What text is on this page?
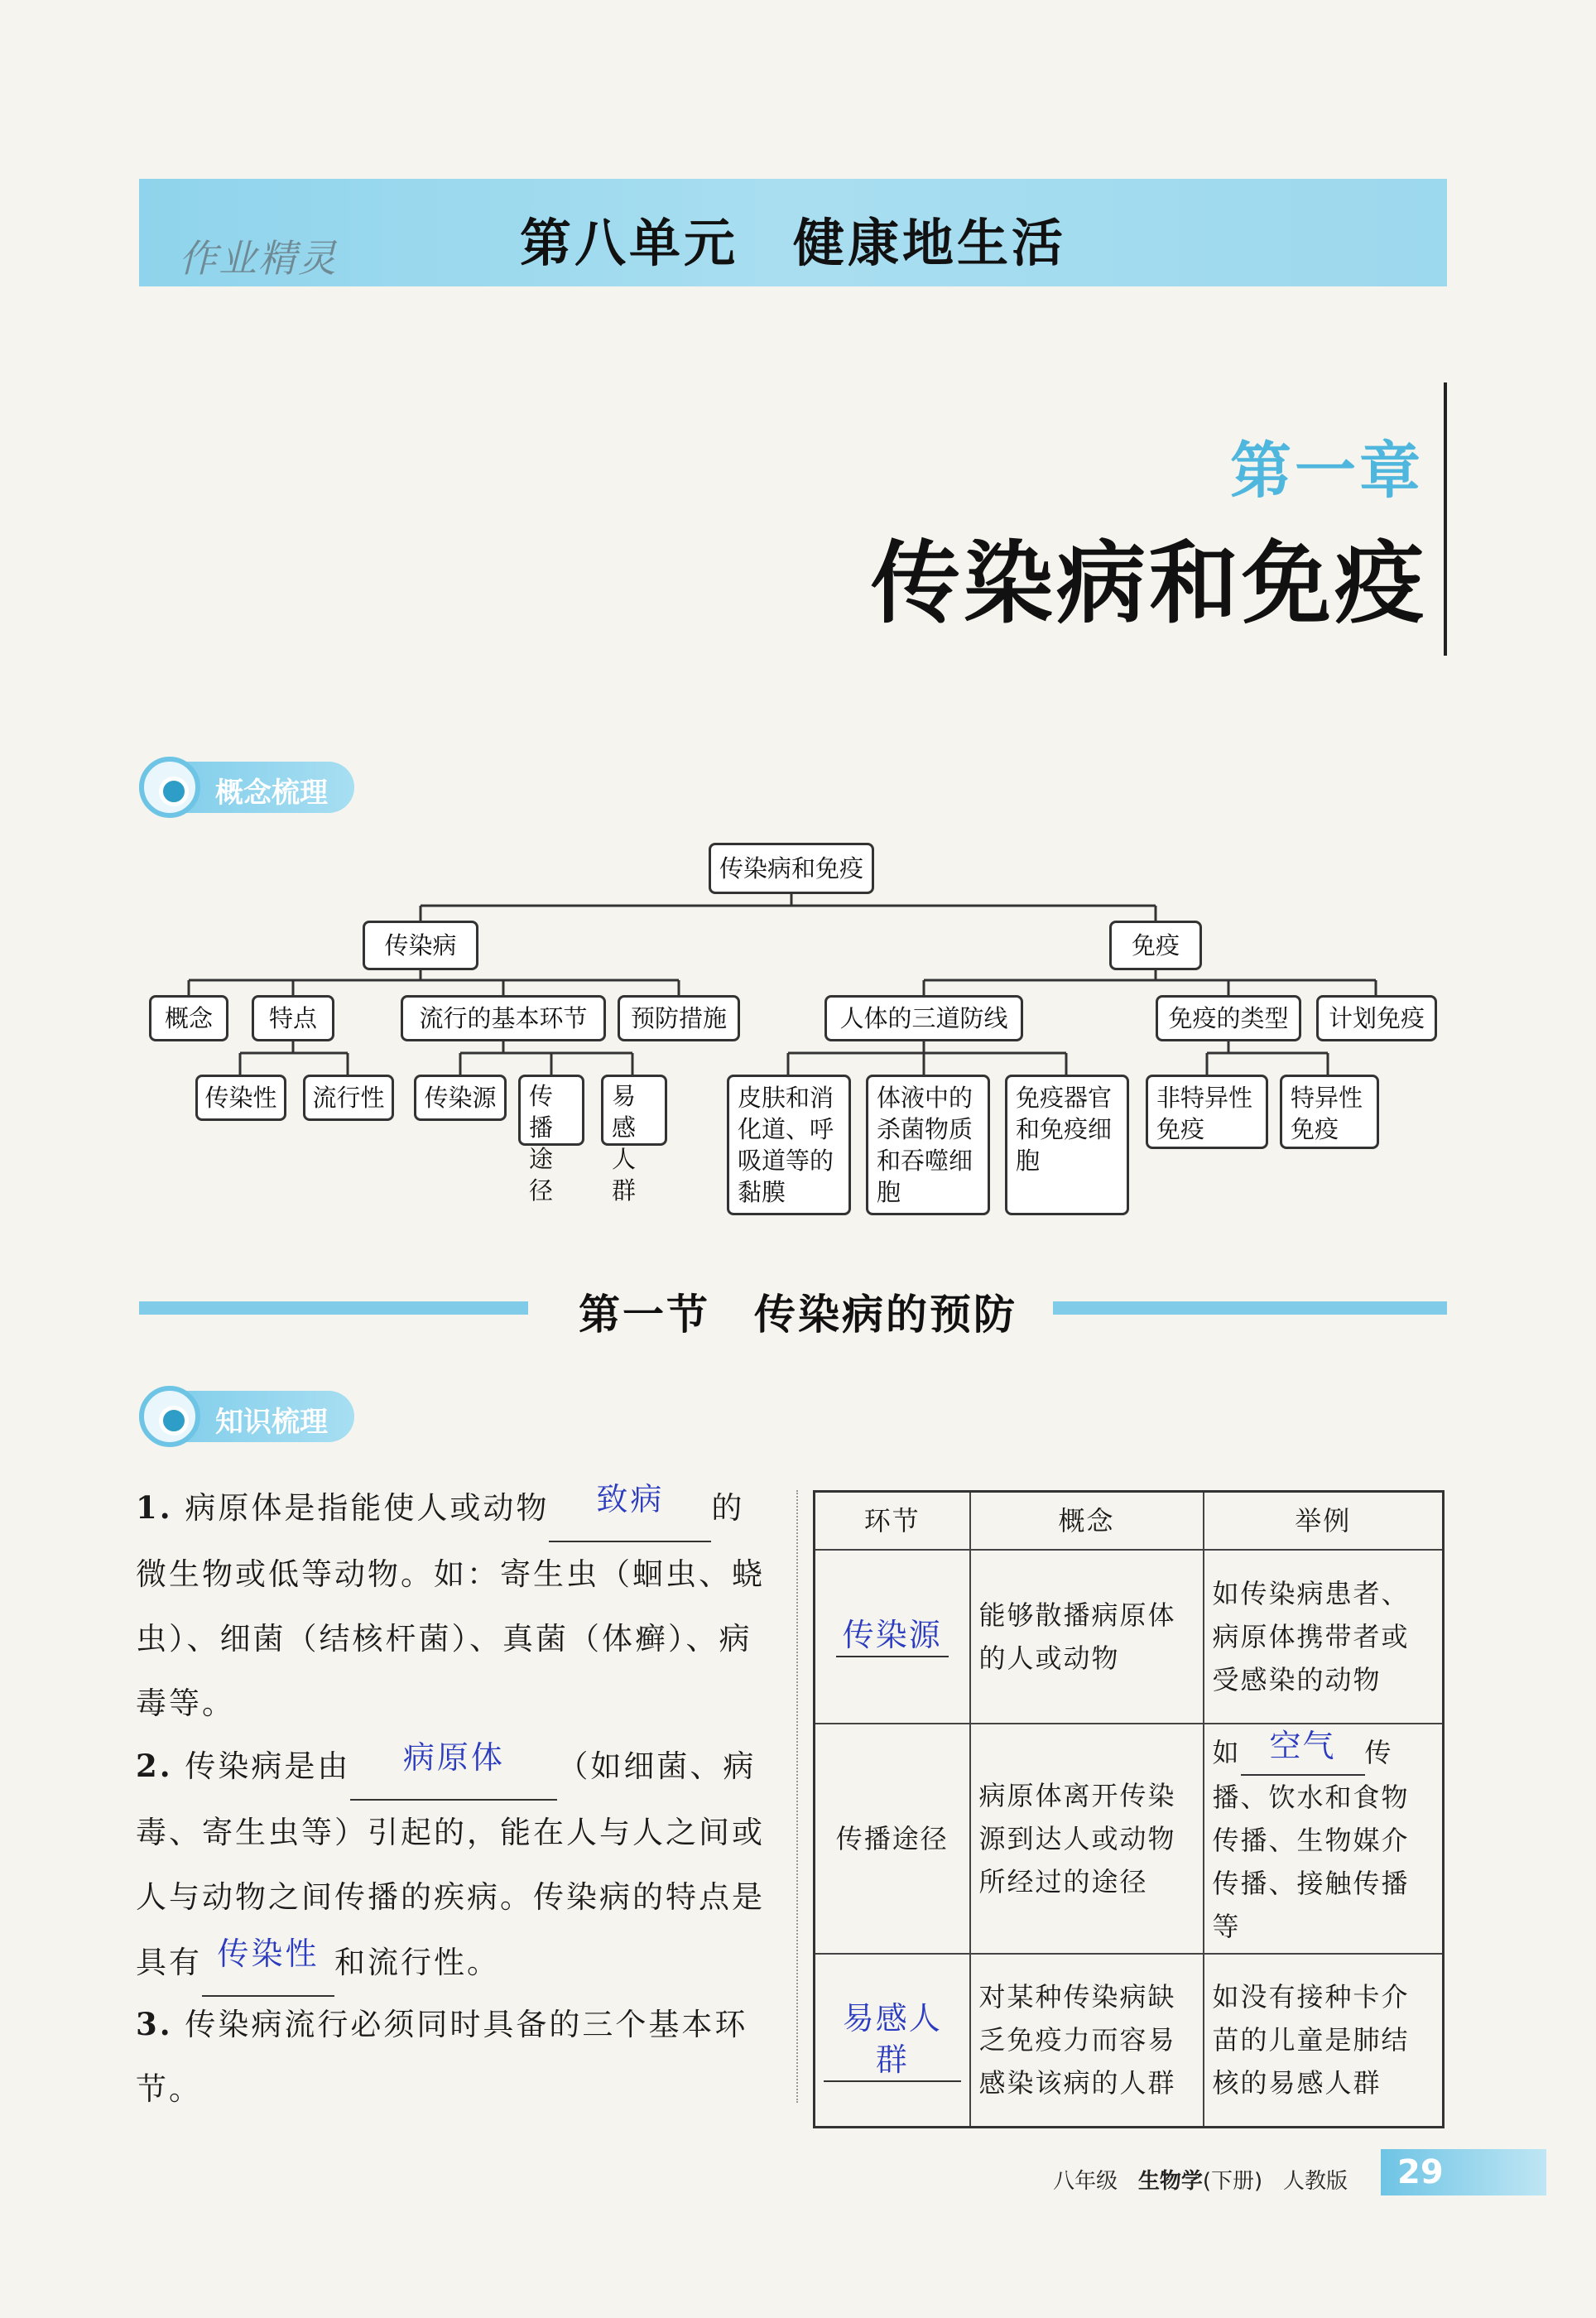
作业精灵	第八单元　健康地生活
第一章
传染病和免疫
概念梳理
传染病和免疫
传染病	免疫
概念	特点	流行的基本环节	预防措施	人体的三道防线	免疫的类型	计划免疫
传染性	流行性	传染源	传播途径
易感人群
皮肤和消化道、呼吸道等的黏膜
体液中的杀菌物质和吞噬细胞
免疫器官和免疫细胞
非特异性免疫
特异性免疫
第一节　传染病的预防
知识梳理
1. 病原体是指能使人或动物 致病 的微生物或低等动物。如：寄生虫（蛔虫、蛲虫）、细菌（结核杆菌）、真菌（体癣）、病毒等。
2. 传染病是由 病原体 （如细菌、病毒、寄生虫等）引起的，能在人与人之间或人与动物之间传播的疾病。传染病的特点是具有 传染性 和流行性。
3. 传染病流行必须同时具备的三个基本环节。
环节	概念	举例
传染源	能够散播病原体的人或动物	如传染病患者、病原体携带者或受感染的动物
传播途径	病原体离开传染源到达人或动物所经过的途径	如 空气 传播、饮水和食物传播、生物媒介传播、接触传播等
易感人群	对某种传染病缺乏免疫力而容易感染该病的人群	如没有接种卡介苗的儿童是肺结核的易感人群
八年级 生物学(下册) 人教版	29
